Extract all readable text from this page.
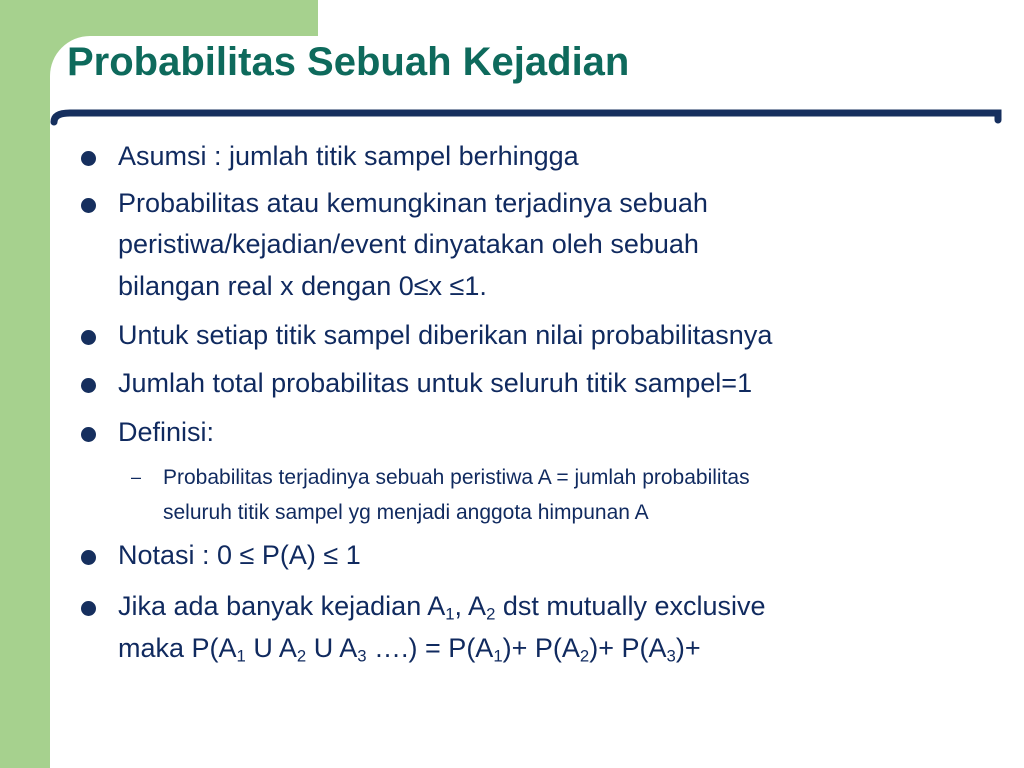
Probabilitas Sebuah Kejadian

Asumsi : jumlah titik sampel berhingga

Probabilitas atau kemungkinan terjadinya sebuah

peristiwa/kejadian/event dinyatakan oleh sebuah

bilangan real x dengan 0≤x ≤1.

Untuk setiap titik sampel diberikan nilai probabilitasnya

Jumlah total probabilitas untuk seluruh titik sampel=1

Definisi:

– Probabilitas terjadinya sebuah peristiwa A = jumlah probabilitas

seluruh titik sampel yg menjadi anggota himpunan A

Notasi : 0 ≤ P(A) ≤ 1

Jika ada banyak kejadian $A_1$, $A_2$ dst mutually exclusive

maka $P(A_1$ U $A_2$ U $A_3$ ….) = $P(A_1)+ P(A_2)+ P(A_3)+$
